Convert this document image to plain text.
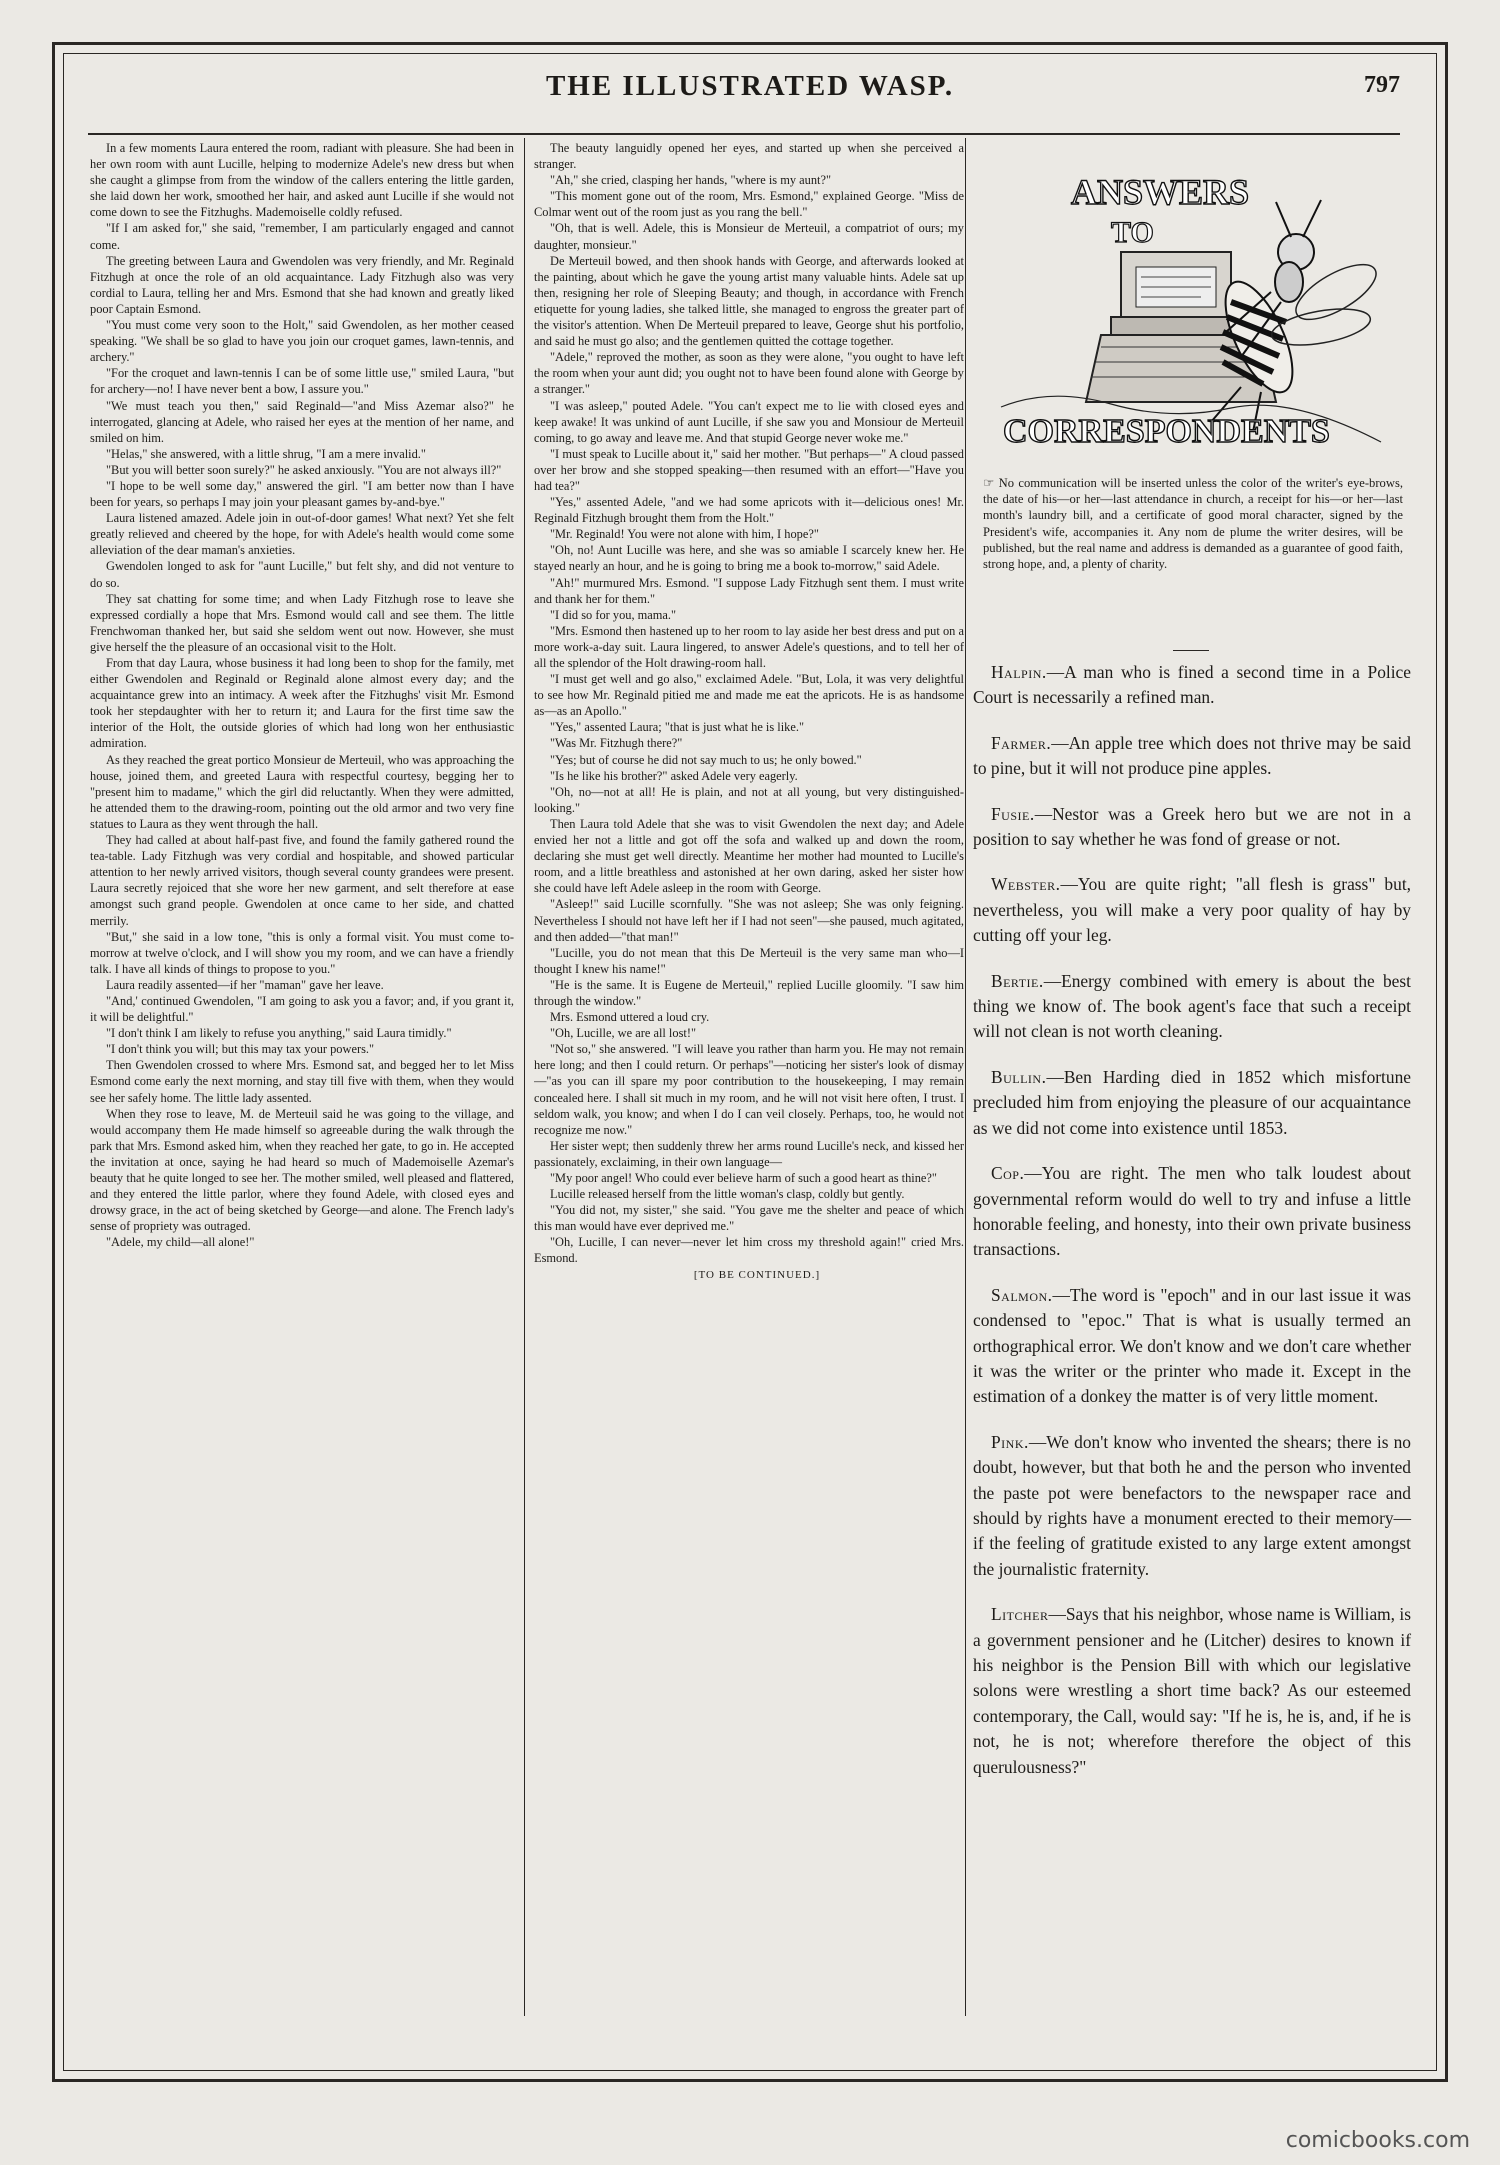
THE ILLUSTRATED WASP.	797

In a few moments Laura entered the room, radiant with pleasure. She had been in her own room with aunt Lucille, helping to modernize Adele's new dress but when she caught a glimpse from from the window of the callers entering the little garden, she laid down her work, smoothed her hair, and asked aunt Lucille if she would not come down to see the Fitzhughs. Mademoiselle coldly refused.

"If I am asked for," she said, "remember, I am particularly engaged and cannot come.

The greeting between Laura and Gwendolen was very friendly, and Mr. Reginald Fitzhugh at once the role of an old acquaintance. Lady Fitzhugh also was very cordial to Laura, telling her and Mrs. Esmond that she had known and greatly liked poor Captain Esmond.

"You must come very soon to the Holt," said Gwendolen, as her mother ceased speaking. "We shall be so glad to have you join our croquet games, lawn-tennis, and archery."

"For the croquet and lawn-tennis I can be of some little use," smiled Laura, "but for archery—no! I have never bent a bow, I assure you."

"We must teach you then," said Reginald—"and Miss Azemar also?" he interrogated, glancing at Adele, who raised her eyes at the mention of her name, and smiled on him.

"Helas," she answered, with a little shrug, "I am a mere invalid."

"But you will better soon surely?" he asked anxiously. "You are not always ill?"

"I hope to be well some day," answered the girl. "I am better now than I have been for years, so perhaps I may join your pleasant games by-and-bye."

Laura listened amazed. Adele join in out-of-door games! What next? Yet she felt greatly relieved and cheered by the hope, for with Adele's health would come some alleviation of the dear maman's anxieties.

Gwendolen longed to ask for "aunt Lucille," but felt shy, and did not venture to do so.

They sat chatting for some time; and when Lady Fitzhugh rose to leave she expressed cordially a hope that Mrs. Esmond would call and see them. The little Frenchwoman thanked her, but said she seldom went out now. However, she must give herself the the pleasure of an occasional visit to the Holt.

From that day Laura, whose business it had long been to shop for the family, met either Gwendolen and Reginald or Reginald alone almost every day; and the acquaintance grew into an intimacy. A week after the Fitzhughs' visit Mr. Esmond took her stepdaughter with her to return it; and Laura for the first time saw the interior of the Holt, the outside glories of which had long won her enthusiastic admiration.

As they reached the great portico Monsieur de Merteuil, who was approaching the house, joined them, and greeted Laura with respectful courtesy, begging her to "present him to madame," which the girl did reluctantly. When they were admitted, he attended them to the drawing-room, pointing out the old armor and two very fine statues to Laura as they went through the hall.

They had called at about half-past five, and found the family gathered round the tea-table. Lady Fitzhugh was very cordial and hospitable, and showed particular attention to her newly arrived visitors, though several county grandees were present. Laura secretly rejoiced that she wore her new garment, and selt therefore at ease amongst such grand people. Gwendolen at once came to her side, and chatted merrily.

"But," she said in a low tone, "this is only a formal visit. You must come to-morrow at twelve o'clock, and I will show you my room, and we can have a friendly talk. I have all kinds of things to propose to you."

Laura readily assented—if her "maman" gave her leave.

"And,' continued Gwendolen, "I am going to ask you a favor; and, if you grant it, it will be delightful."

"I don't think I am likely to refuse you anything," said Laura timidly."

"I don't think you will; but this may tax your powers."

Then Gwendolen crossed to where Mrs. Esmond sat, and begged her to let Miss Esmond come early the next morning, and stay till five with them, when they would see her safely home. The little lady assented.

When they rose to leave, M. de Merteuil said he was going to the village, and would accompany them He made himself so agreeable during the walk through the park that Mrs. Esmond asked him, when they reached her gate, to go in. He accepted the invitation at once, saying he had heard so much of Mademoiselle Azemar's beauty that he quite longed to see her. The mother smiled, well pleased and flattered, and they entered the little parlor, where they found Adele, with closed eyes and drowsy grace, in the act of being sketched by George—and alone. The French lady's sense of propriety was outraged.

"Adele, my child—all alone!"

The beauty languidly opened her eyes, and started up when she perceived a stranger.

"Ah," she cried, clasping her hands, "where is my aunt?"

"This moment gone out of the room, Mrs. Esmond," explained George. "Miss de Colmar went out of the room just as you rang the bell."

"Oh, that is well. Adele, this is Monsieur de Merteuil, a compatriot of ours; my daughter, monsieur."

De Merteuil bowed, and then shook hands with George, and afterwards looked at the painting, about which he gave the young artist many valuable hints. Adele sat up then, resigning her role of Sleeping Beauty; and though, in accordance with French etiquette for young ladies, she talked little, she managed to engross the greater part of the visitor's attention. When De Merteuil prepared to leave, George shut his portfolio, and said he must go also; and the gentlemen quitted the cottage together.

"Adele," reproved the mother, as soon as they were alone, "you ought to have left the room when your aunt did; you ought not to have been found alone with George by a stranger."

"I was asleep," pouted Adele. "You can't expect me to lie with closed eyes and keep awake! It was unkind of aunt Lucille, if she saw you and Monsiour de Merteuil coming, to go away and leave me. And that stupid George never woke me."

"I must speak to Lucille about it," said her mother. "But perhaps—" A cloud passed over her brow and she stopped speaking—then resumed with an effort—"Have you had tea?"

"Yes," assented Adele, "and we had some apricots with it—delicious ones! Mr. Reginald Fitzhugh brought them from the Holt."

"Mr. Reginald! You were not alone with him, I hope?"

"Oh, no! Aunt Lucille was here, and she was so amiable I scarcely knew her. He stayed nearly an hour, and he is going to bring me a book to-morrow," said Adele.

"Ah!" murmured Mrs. Esmond. "I suppose Lady Fitzhugh sent them. I must write and thank her for them."

"I did so for you, mama."

"Mrs. Esmond then hastened up to her room to lay aside her best dress and put on a more work-a-day suit. Laura lingered, to answer Adele's questions, and to tell her of all the splendor of the Holt drawing-room hall.

"I must get well and go also," exclaimed Adele. "But, Lola, it was very delightful to see how Mr. Reginald pitied me and made me eat the apricots. He is as handsome as—as an Apollo."

"Yes," assented Laura; "that is just what he is like."

"Was Mr. Fitzhugh there?"

"Yes; but of course he did not say much to us; he only bowed."

"Is he like his brother?" asked Adele very eagerly.

"Oh, no—not at all! He is plain, and not at all young, but very distinguished-looking."

Then Laura told Adele that she was to visit Gwendolen the next day; and Adele envied her not a little and got off the sofa and walked up and down the room, declaring she must get well directly. Meantime her mother had mounted to Lucille's room, and a little breathless and astonished at her own daring, asked her sister how she could have left Adele asleep in the room with George.

"Asleep!" said Lucille scornfully. "She was not asleep; She was only feigning. Nevertheless I should not have left her if I had not seen"—she paused, much agitated, and then added—"that man!"

"Lucille, you do not mean that this De Merteuil is the very same man who—I thought I knew his name!"

"He is the same. It is Eugene de Merteuil," replied Lucille gloomily. "I saw him through the window."

Mrs. Esmond uttered a loud cry.

"Oh, Lucille, we are all lost!"

"Not so," she answered. "I will leave you rather than harm you. He may not remain here long; and then I could return. Or perhaps"—noticing her sister's look of dismay—"as you can ill spare my poor contribution to the housekeeping, I may remain concealed here. I shall sit much in my room, and he will not visit here often, I trust. I seldom walk, you know; and when I do I can veil closely. Perhaps, too, he would not recognize me now."

Her sister wept; then suddenly threw her arms round Lucille's neck, and kissed her passionately, exclaiming, in their own language—

"My poor angel! Who could ever believe harm of such a good heart as thine?"

Lucille released herself from the little woman's clasp, coldly but gently.

"You did not, my sister," she said. "You gave me the shelter and peace of which this man would have ever deprived me."

"Oh, Lucille, I can never—never let him cross my threshold again!" cried Mrs. Esmond.

[TO BE CONTINUED.]

ANSWERS
TO
CORRESPONDENTS
☞ No communication will be inserted unless the color of the writer's eye-brows, the date of his—or her—last attendance in church, a receipt for his—or her—last month's laundry bill, and a certificate of good moral character, signed by the President's wife, accompanies it. Any nom de plume the writer desires, will be published, but the real name and address is demanded as a guarantee of good faith, strong hope, and, a plenty of charity.

Halpin.—A man who is fined a second time in a Police Court is necessarily a refined man.

Farmer.—An apple tree which does not thrive may be said to pine, but it will not produce pine apples.

Fusie.—Nestor was a Greek hero but we are not in a position to say whether he was fond of grease or not.

Webster.—You are quite right; "all flesh is grass" but, nevertheless, you will make a very poor quality of hay by cutting off your leg.

Bertie.—Energy combined with emery is about the best thing we know of. The book agent's face that such a receipt will not clean is not worth cleaning.

Bullin.—Ben Harding died in 1852 which misfortune precluded him from enjoying the pleasure of our acquaintance as we did not come into existence until 1853.

Cop.—You are right. The men who talk loudest about governmental reform would do well to try and infuse a little honorable feeling, and honesty, into their own private business transactions.

Salmon.—The word is "epoch" and in our last issue it was condensed to "epoc." That is what is usually termed an orthographical error. We don't know and we don't care whether it was the writer or the printer who made it. Except in the estimation of a donkey the matter is of very little moment.

Pink.—We don't know who invented the shears; there is no doubt, however, but that both he and the person who invented the paste pot were benefactors to the newspaper race and should by rights have a monument erected to their memory—if the feeling of gratitude existed to any large extent amongst the journalistic fraternity.

Litcher—Says that his neighbor, whose name is William, is a government pensioner and he (Litcher) desires to known if his neighbor is the Pension Bill with which our legislative solons were wrestling a short time back? As our esteemed contemporary, the Call, would say: "If he is, he is, and, if he is not, he is not; wherefore therefore the object of this querulousness?"

comicbooks.com
